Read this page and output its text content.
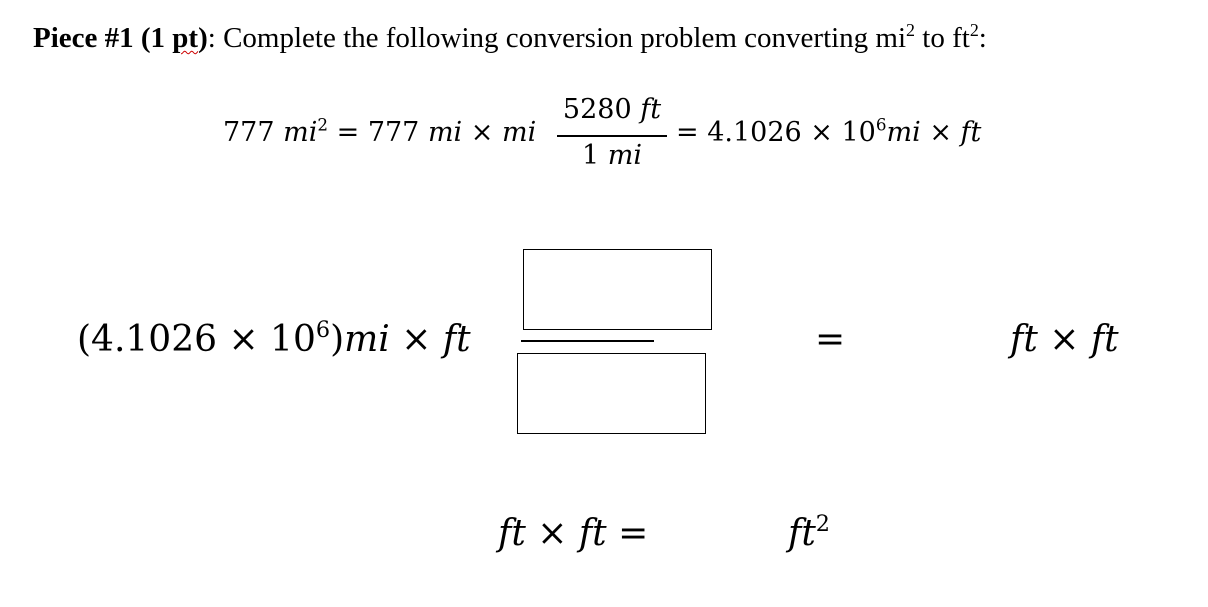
Piece #1 (1 pt): Complete the following conversion problem converting $mi^2$ to $ft^2$:
777 $mi^2 = 777$ mi × mi
5280 ft
1 mi
= $4.1026 \times 10^6mi$ × ft
$(4.1026 \times 10^6)mi$ × ft	=	ft × ft
ft × ft =	$ft^2$
